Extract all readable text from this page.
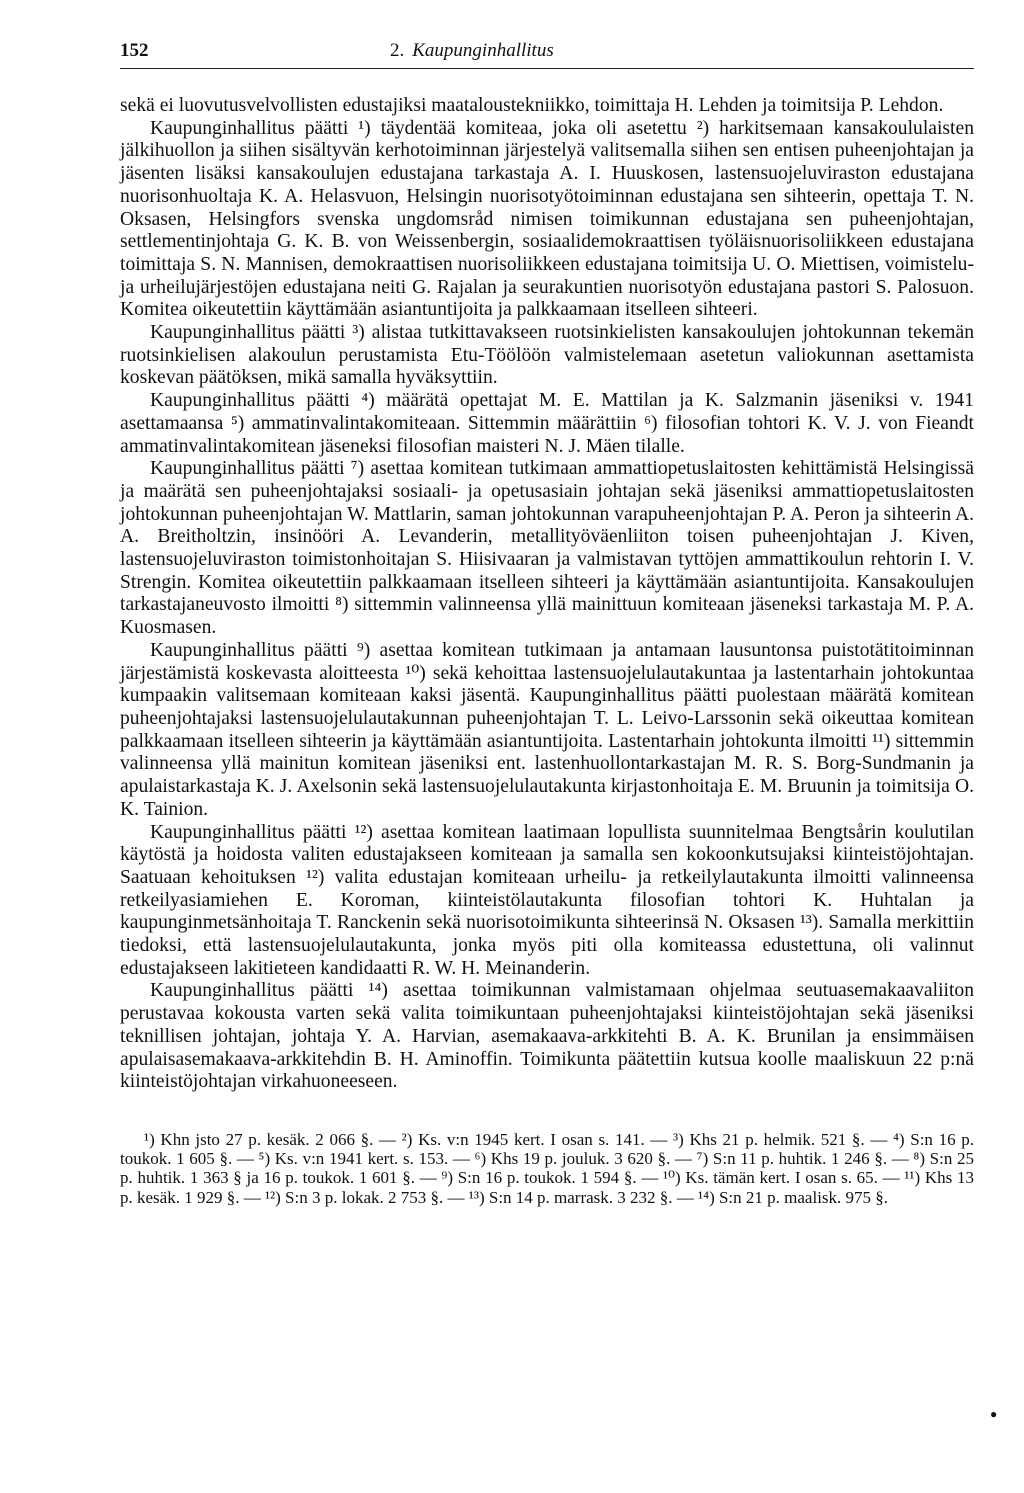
152	2. Kaupunginhallitus

sekä ei luovutusvelvollisten edustajiksi maataloustekniikko, toimittaja H. Lehden ja toimitsija P. Lehdon.

Kaupunginhallitus päätti ¹) täydentää komiteaa, joka oli asetettu ²) harkitsemaan kansakoululaisten jälkihuollon ja siihen sisältyvän kerhotoiminnan järjestelyä valitsemalla siihen sen entisen puheenjohtajan ja jäsenten lisäksi kansakoulujen edustajana tarkastaja A. I. Huuskosen, lastensuojeluviraston edustajana nuorisonhuoltaja K. A. Helasvuon, Helsingin nuorisotyötoiminnan edustajana sen sihteerin, opettaja T. N. Oksasen, Helsingfors svenska ungdomsråd nimisen toimikunnan edustajana sen puheenjohtajan, settlementinjohtaja G. K. B. von Weissenbergin, sosiaalidemokraattisen työläisnuorisoliikkeen edustajana toimittaja S. N. Mannisen, demokraattisen nuorisoliikkeen edustajana toimitsija U. O. Miettisen, voimistelu- ja urheilujärjestöjen edustajana neiti G. Rajalan ja seurakuntien nuorisotyön edustajana pastori S. Palosuon. Komitea oikeutettiin käyttämään asiantuntijoita ja palkkaamaan itselleen sihteeri.

Kaupunginhallitus päätti ³) alistaa tutkittavakseen ruotsinkielisten kansakoulujen johtokunnan tekemän ruotsinkielisen alakoulun perustamista Etu-Töölöön valmistelemaan asetetun valiokunnan asettamista koskevan päätöksen, mikä samalla hyväksyttiin.

Kaupunginhallitus päätti ⁴) määrätä opettajat M. E. Mattilan ja K. Salzmanin jäseniksi v. 1941 asettamaansa ⁵) ammatinvalintakomiteaan. Sittemmin määrättiin ⁶) filosofian tohtori K. V. J. von Fieandt ammatinvalintakomitean jäseneksi filosofian maisteri N. J. Mäen tilalle.

Kaupunginhallitus päätti ⁷) asettaa komitean tutkimaan ammattiopetuslaitosten kehittämistä Helsingissä ja maärätä sen puheenjohtajaksi sosiaali- ja opetusasiain johtajan sekä jäseniksi ammattiopetuslaitosten johtokunnan puheenjohtajan W. Mattlarin, saman johtokunnan varapuheenjohtajan P. A. Peron ja sihteerin A. A. Breitholtzin, insinööri A. Levanderin, metallityöväenliiton toisen puheenjohtajan J. Kiven, lastensuojeluviraston toimistonhoitajan S. Hiisivaaran ja valmistavan tyttöjen ammattikoulun rehtorin I. V. Strengin. Komitea oikeutettiin palkkaamaan itselleen sihteeri ja käyttämään asiantuntijoita. Kansakoulujen tarkastajaneuvosto ilmoitti ⁸) sittemmin valinneensa yllä mainittuun komiteaan jäseneksi tarkastaja M. P. A. Kuosmasen.

Kaupunginhallitus päätti ⁹) asettaa komitean tutkimaan ja antamaan lausuntonsa puistotätitoiminnan järjestämistä koskevasta aloitteesta ¹⁰) sekä kehoittaa lastensuojelulautakuntaa ja lastentarhain johtokuntaa kumpaakin valitsemaan komiteaan kaksi jäsentä. Kaupunginhallitus päätti puolestaan määrätä komitean puheenjohtajaksi lastensuojelulautakunnan puheenjohtajan T. L. Leivo-Larssonin sekä oikeuttaa komitean palkkaamaan itselleen sihteerin ja käyttämään asiantuntijoita. Lastentarhain johtokunta ilmoitti ¹¹) sittemmin valinneensa yllä mainitun komitean jäseniksi ent. lastenhuollontarkastajan M. R. S. Borg-Sundmanin ja apulaistarkastaja K. J. Axelsonin sekä lastensuojelulautakunta kirjastonhoitaja E. M. Bruunin ja toimitsija O. K. Tainion.

Kaupunginhallitus päätti ¹²) asettaa komitean laatimaan lopullista suunnitelmaa Bengtsårin koulutilan käytöstä ja hoidosta valiten edustajakseen komiteaan ja samalla sen kokoonkutsujaksi kiinteistöjohtajan. Saatuaan kehoituksen ¹²) valita edustajan komiteaan urheilu- ja retkeilylautakunta ilmoitti valinneensa retkeilyasiamiehen E. Koroman, kiinteistölautakunta filosofian tohtori K. Huhtalan ja kaupunginmetsänhoitaja T. Ranckenin sekä nuorisotoimikunta sihteerinsä N. Oksasen ¹³). Samalla merkittiin tiedoksi, että lastensuojelulautakunta, jonka myös piti olla komiteassa edustettuna, oli valinnut edustajakseen lakitieteen kandidaatti R. W. H. Meinanderin.

Kaupunginhallitus päätti ¹⁴) asettaa toimikunnan valmistamaan ohjelmaa seutuasemakaavaliiton perustavaa kokousta varten sekä valita toimikuntaan puheenjohtajaksi kiinteistöjohtajan sekä jäseniksi teknillisen johtajan, johtaja Y. A. Harvian, asemakaava-arkkitehti B. A. K. Brunilan ja ensimmäisen apulaisasemakaava-arkkitehdin B. H. Aminoffin. Toimikunta päätettiin kutsua koolle maaliskuun 22 p:nä kiinteistöjohtajan virkahuoneeseen.

¹) Khn jsto 27 p. kesäk. 2 066 §. — ²) Ks. v:n 1945 kert. I osan s. 141. — ³) Khs 21 p. helmik. 521 §. — ⁴) S:n 16 p. toukok. 1 605 §. — ⁵) Ks. v:n 1941 kert. s. 153. — ⁶) Khs 19 p. jouluk. 3 620 §. — ⁷) S:n 11 p. huhtik. 1 246 §. — ⁸) S:n 25 p. huhtik. 1 363 § ja 16 p. toukok. 1 601 §. — ⁹) S:n 16 p. toukok. 1 594 §. — ¹⁰) Ks. tämän kert. I osan s. 65. — ¹¹) Khs 13 p. kesäk. 1 929 §. — ¹²) S:n 3 p. lokak. 2 753 §. — ¹³) S:n 14 p. marrask. 3 232 §. — ¹⁴) S:n 21 p. maalisk. 975 §.

●
